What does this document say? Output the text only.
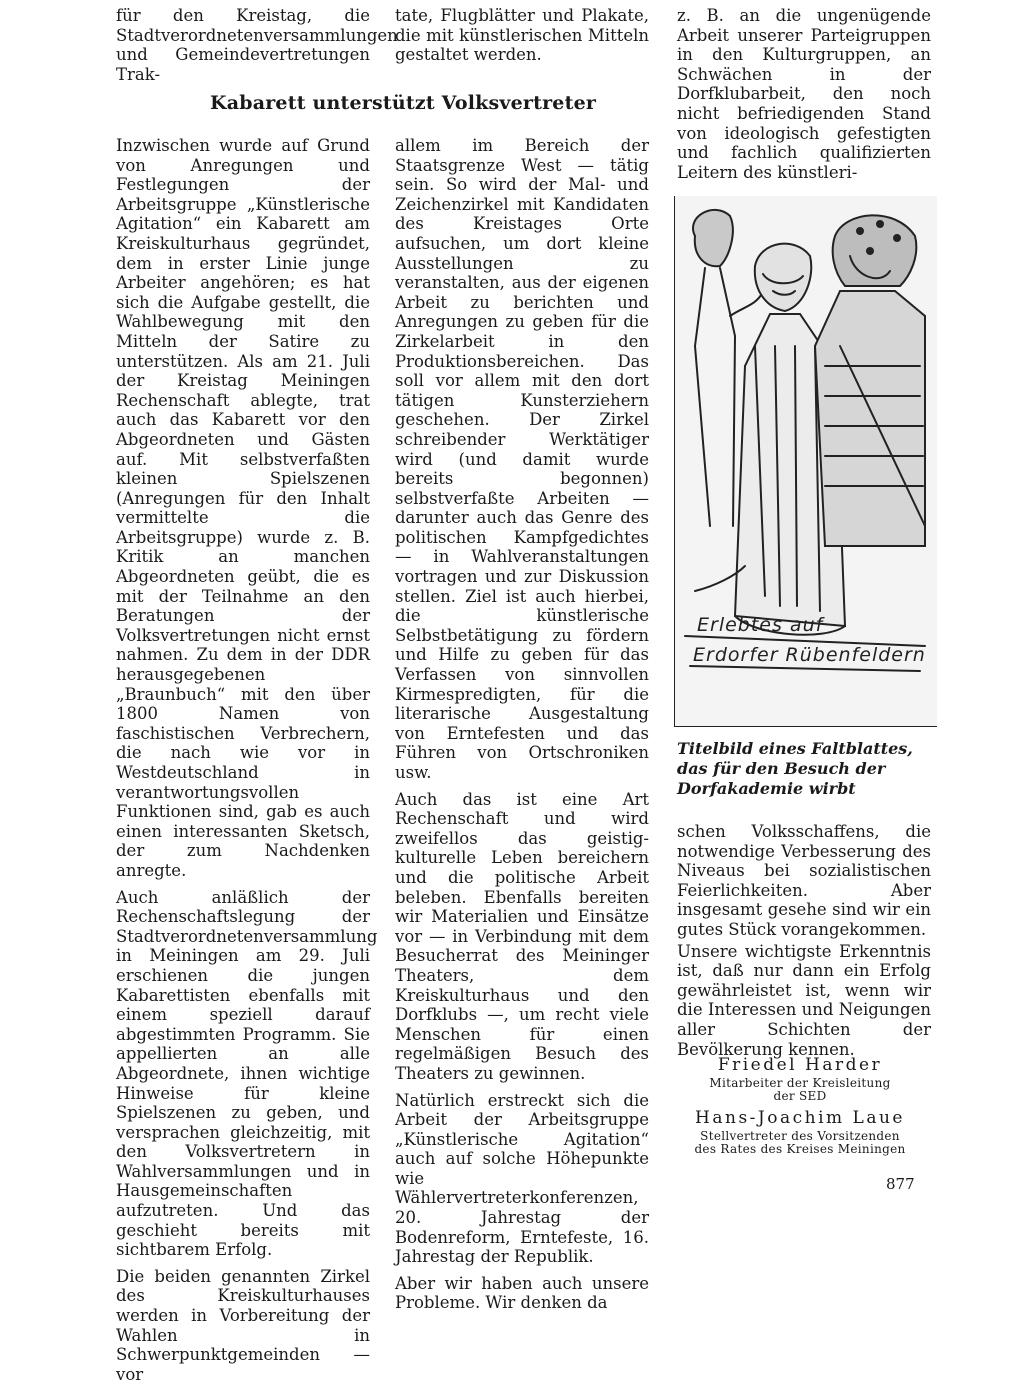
für den Kreistag, die Stadtverordnetenversammlungen und Gemeindevertretungen Trak-

tate, Flugblätter und Plakate, die mit künstlerischen Mitteln gestaltet werden.

z. B. an die ungenügende Arbeit unserer Parteigruppen in den Kulturgruppen, an Schwächen in der Dorfklubarbeit, den noch nicht befriedigenden Stand von ideologisch gefestigten und fachlich qualifizierten Leitern des künstleri-

Kabarett unterstützt Volksvertreter

Inzwischen wurde auf Grund von Anregungen und Festlegungen der Arbeitsgruppe „Künstlerische Agitation“ ein Kabarett am Kreiskulturhaus gegründet, dem in erster Linie junge Arbeiter angehören; es hat sich die Aufgabe gestellt, die Wahlbewegung mit den Mitteln der Satire zu unterstützen. Als am 21. Juli der Kreistag Meiningen Rechenschaft ablegte, trat auch das Kabarett vor den Abgeordneten und Gästen auf. Mit selbstverfaßten kleinen Spielszenen (Anregungen für den Inhalt vermittelte die Arbeitsgruppe) wurde z. B. Kritik an manchen Abgeordneten geübt, die es mit der Teilnahme an den Beratungen der Volksvertretungen nicht ernst nahmen. Zu dem in der DDR herausgegebenen „Braunbuch“ mit den über 1800 Namen von faschistischen Verbrechern, die nach wie vor in Westdeutschland in verantwortungsvollen Funktionen sind, gab es auch einen interessanten Sketsch, der zum Nachdenken anregte.

Auch anläßlich der Rechenschaftslegung der Stadtverordnetenversammlung in Meiningen am 29. Juli erschienen die jungen Kabarettisten ebenfalls mit einem speziell darauf abgestimmten Programm. Sie appellierten an alle Abgeordnete, ihnen wichtige Hinweise für kleine Spielszenen zu geben, und versprachen gleichzeitig, mit den Volksvertretern in Wahlversammlungen und in Hausgemeinschaften aufzutreten. Und das geschieht bereits mit sichtbarem Erfolg.

Die beiden genannten Zirkel des Kreiskulturhauses werden in Vorbereitung der Wahlen in Schwerpunktgemeinden — vor

allem im Bereich der Staatsgrenze West — tätig sein. So wird der Mal- und Zeichenzirkel mit Kandidaten des Kreistages Orte aufsuchen, um dort kleine Ausstellungen zu veranstalten, aus der eigenen Arbeit zu berichten und Anregungen zu geben für die Zirkelarbeit in den Produktionsbereichen. Das soll vor allem mit den dort tätigen Kunsterziehern geschehen. Der Zirkel schreibender Werktätiger wird (und damit wurde bereits begonnen) selbstverfaßte Arbeiten — darunter auch das Genre des politischen Kampfgedichtes — in Wahlveranstaltungen vortragen und zur Diskussion stellen. Ziel ist auch hierbei, die künstlerische Selbstbetätigung zu fördern und Hilfe zu geben für das Verfassen von sinnvollen Kirmespredigten, für die literarische Ausgestaltung von Erntefesten und das Führen von Ortschroniken usw.

Auch das ist eine Art Rechenschaft und wird zweifellos das geistig-kulturelle Leben bereichern und die politische Arbeit beleben. Ebenfalls bereiten wir Materialien und Einsätze vor — in Verbindung mit dem Besucherrat des Meininger Theaters, dem Kreiskulturhaus und den Dorfklubs —, um recht viele Menschen für einen regelmäßigen Besuch des Theaters zu gewinnen.

Natürlich erstreckt sich die Arbeit der Arbeitsgruppe „Künstlerische Agitation“ auch auf solche Höhepunkte wie Wählervertreterkonferenzen, 20. Jahrestag der Bodenreform, Erntefeste, 16. Jahrestag der Republik.

Aber wir haben auch unsere Probleme. Wir denken da

Erlebtes auf
Erdorfer Rübenfeldern
Titelbild eines Faltblattes, das für den Besuch der Dorfakademie wirbt

schen Volksschaffens, die notwendige Verbesserung des Niveaus bei sozialistischen Feierlichkeiten. Aber insgesamt gesehe sind wir ein gutes Stück vorangekommen.

Unsere wichtigste Erkenntnis ist, daß nur dann ein Erfolg gewährleistet ist, wenn wir die Interessen und Neigungen aller Schichten der Bevölkerung kennen.

Friedel Harder
Mitarbeiter der Kreisleitung
der SED
Hans-Joachim Laue
Stellvertreter des Vorsitzenden
des Rates des Kreises Meiningen
877
